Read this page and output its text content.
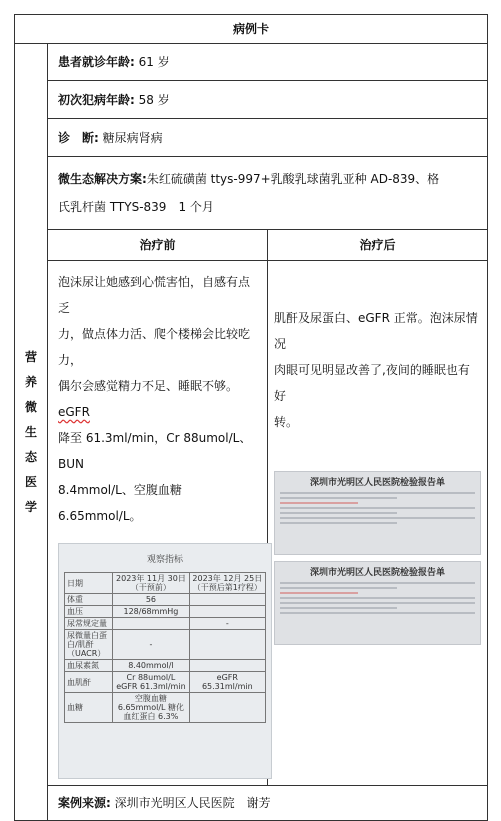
病例卡

营
养
微
生
态
医
学
	患者就诊年龄: 61 岁
初次犯病年龄: 58 岁
诊　断: 糖尿病肾病

微生态解决方案:朱红硫磺菌 ttys-997+乳酸乳球菌乳亚种 AD-839、格
氏乳杆菌 TTYS-839　1 个月

治疗前	治疗后

泡沫尿让她感到心慌害怕，自感有点乏
力，做点体力活、爬个楼梯会比较吃力，
偶尔会感觉精力不足、睡眠不够。eGFR
降至 61.3ml/min，Cr 88umol/L、BUN
8.4mmol/L、空腹血糖 6.65mmol/L。
观察指标
日期	2023年 11月 30日（干预前）	2023年 12月 25日（干预后第1疗程）
体重	56	
血压	128/68mmHg	
尿常规定量		-
尿微量白蛋白/肌酐（UACR）	-	
血尿素氮	8.40mmol/l	
血肌酐	Cr 88umol/L eGFR 61.3ml/min	eGFR 65.31ml/min
血糖	空腹血糖 6.65mmol/L 糖化血红蛋白 6.3%	

肌酐及尿蛋白、eGFR 正常。泡沫尿情况
肉眼可见明显改善了,夜间的睡眠也有好
转。
深圳市光明区人民医院检验报告单
深圳市光明区人民医院检验报告单

案例来源: 深圳市光明区人民医院　谢芳
